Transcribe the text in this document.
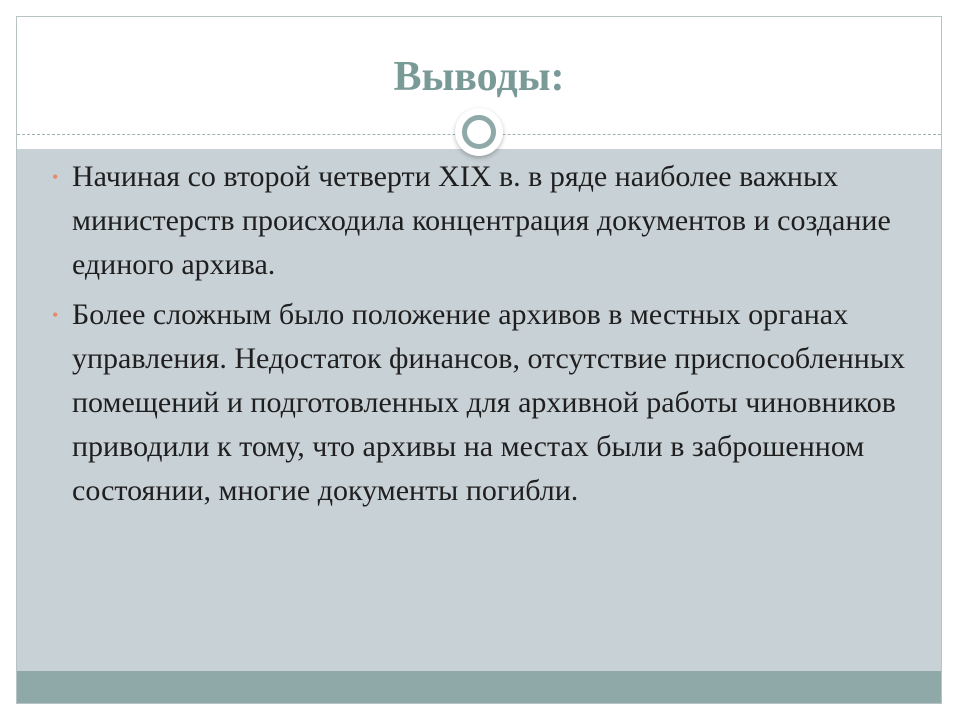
Выводы:
• Начиная со второй четверти XIX в. в ряде наиболее важных министерств происходила концентрация документов и создание единого архива.
• Более сложным было положение архивов в местных органах управления. Недостаток финансов, отсутствие приспособленных помещений и подготовленных для архивной работы чиновников приводили к тому, что архивы на местах были в заброшенном состоянии, многие документы погибли.
